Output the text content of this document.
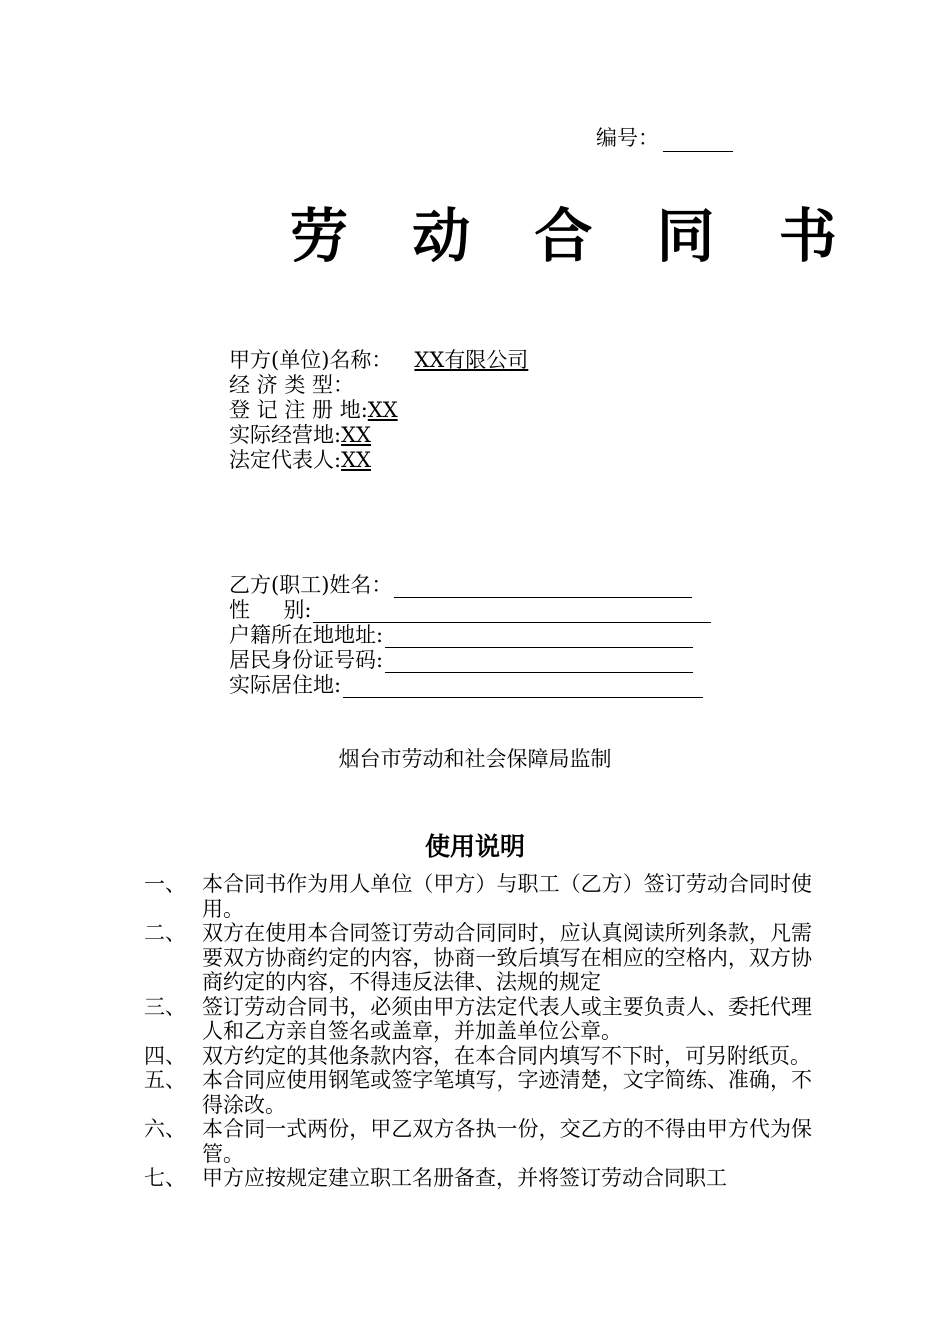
编号：
劳 动 合 同 书
甲方(单位)名称： XX有限公司
经 济 类 型：
登 记 注 册 地: XX
实际经营地: XX
法定代表人: XX
乙方(职工)姓名：
性     别:
户籍所在地地址:
居民身份证号码:
实际居住地:
烟台市劳动和社会保障局监制
使用说明
一、 本合同书作为用人单位（甲方）与职工（乙方）签订劳动合同时使用。
二、 双方在使用本合同签订劳动合同同时，应认真阅读所列条款，凡需要双方协商约定的内容，协商一致后填写在相应的空格内，双方协商约定的内容，不得违反法律、法规的规定
三、 签订劳动合同书，必须由甲方法定代表人或主要负责人、委托代理人和乙方亲自签名或盖章，并加盖单位公章。
四、 双方约定的其他条款内容，在本合同内填写不下时，可另附纸页。
五、 本合同应使用钢笔或签字笔填写，字迹清楚，文字简练、准确，不得涂改。
六、 本合同一式两份，甲乙双方各执一份，交乙方的不得由甲方代为保管。
七、 甲方应按规定建立职工名册备查，并将签订劳动合同职工
